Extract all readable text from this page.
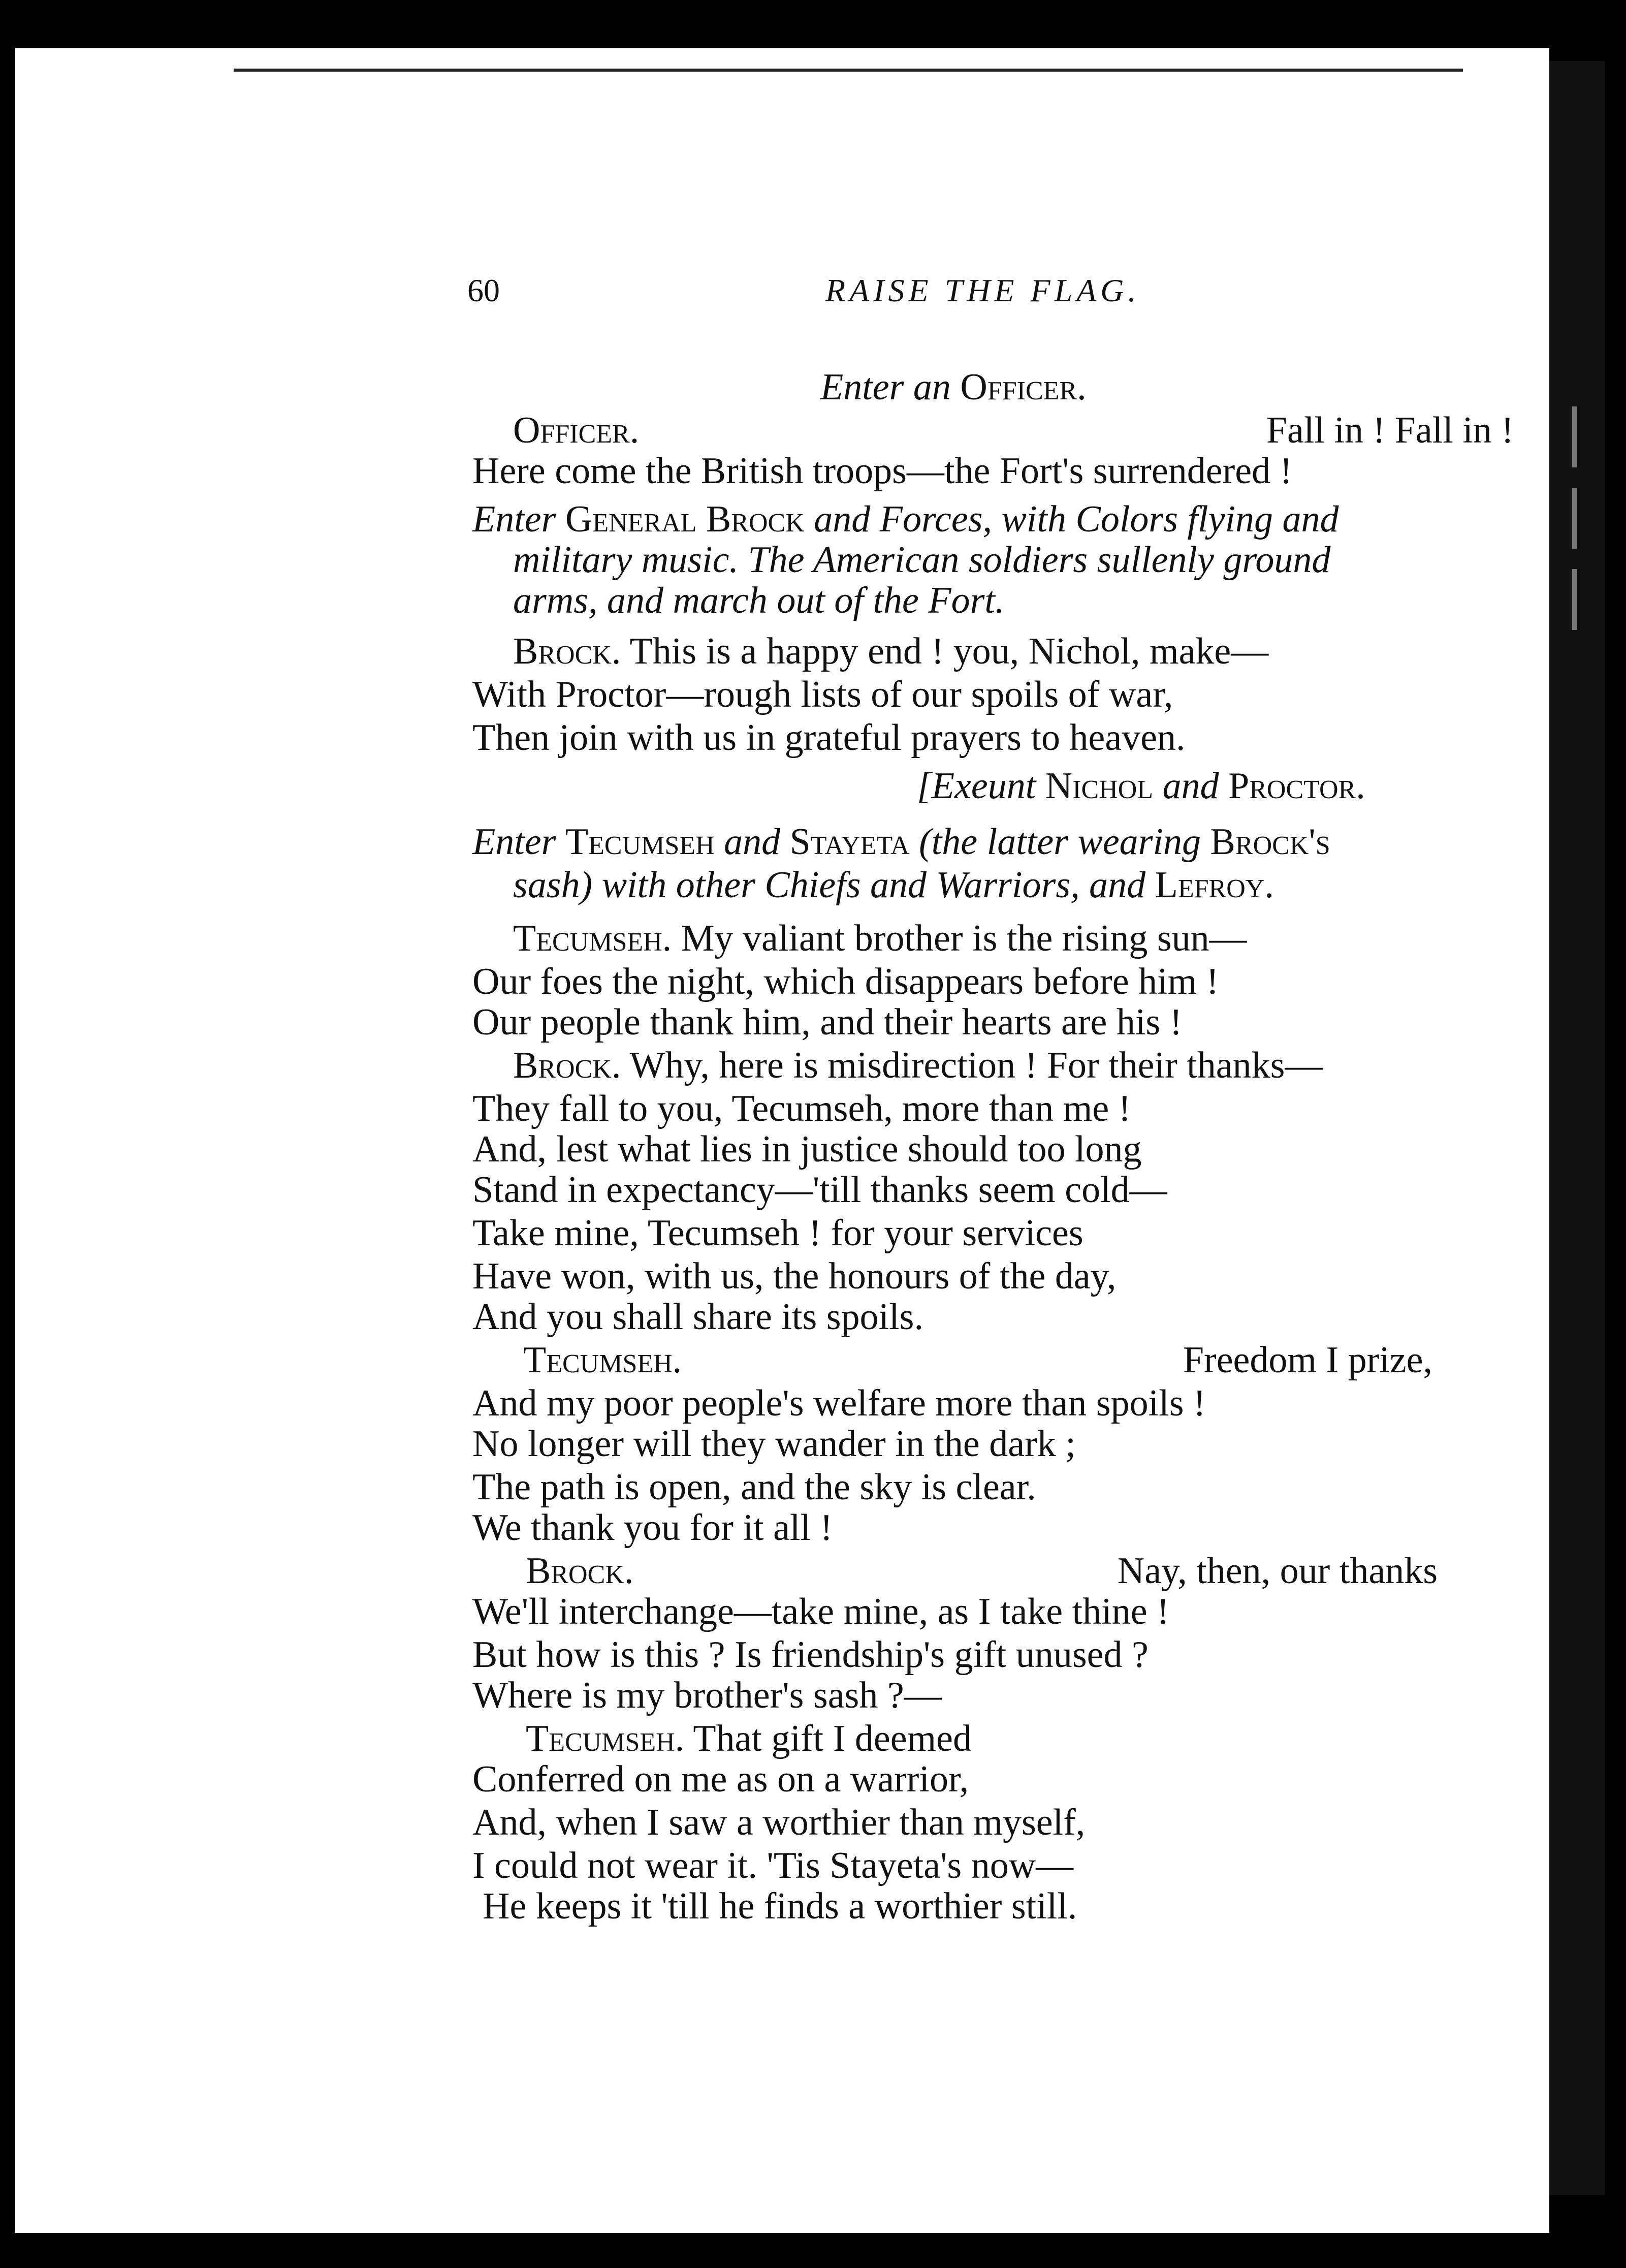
60	RAISE THE FLAG.
Enter an Officer.
Officer.	Fall in ! Fall in !
Here come the British troops—the Fort's surrendered !
Enter General Brock and Forces, with Colors flying and
military music. The American soldiers sullenly ground
arms, and march out of the Fort.
Brock. This is a happy end ! you, Nichol, make—
With Proctor—rough lists of our spoils of war,
Then join with us in grateful prayers to heaven.
[Exeunt Nichol and Proctor.
Enter Tecumseh and Stayeta (the latter wearing Brock's
sash) with other Chiefs and Warriors, and Lefroy.
Tecumseh. My valiant brother is the rising sun—
Our foes the night, which disappears before him !
Our people thank him, and their hearts are his !
Brock. Why, here is misdirection ! For their thanks—
They fall to you, Tecumseh, more than me !
And, lest what lies in justice should too long
Stand in expectancy—'till thanks seem cold—
Take mine, Tecumseh ! for your services
Have won, with us, the honours of the day,
And you shall share its spoils.
Tecumseh.	Freedom I prize,
And my poor people's welfare more than spoils !
No longer will they wander in the dark ;
The path is open, and the sky is clear.
We thank you for it all !
Brock.	Nay, then, our thanks
We'll interchange—take mine, as I take thine !
But how is this ? Is friendship's gift unused ?
Where is my brother's sash ?—
Tecumseh. That gift I deemed
Conferred on me as on a warrior,
And, when I saw a worthier than myself,
I could not wear it. 'Tis Stayeta's now—
He keeps it 'till he finds a worthier still.
